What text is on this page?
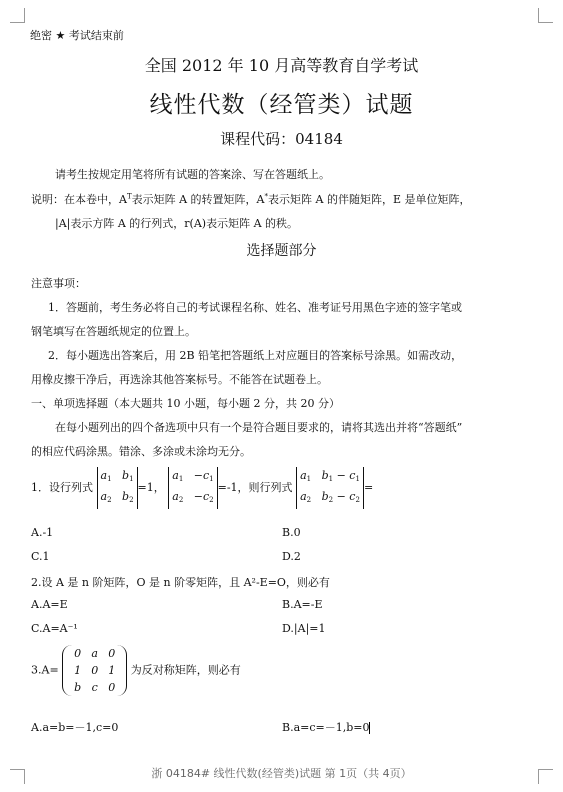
绝密 ★ 考试结束前
全国 2012 年 10 月高等教育自学考试
线性代数（经管类）试题
课程代码：04184
请考生按规定用笔将所有试题的答案涂、写在答题纸上。
说明：在本卷中，$A^T$表示矩阵 A 的转置矩阵，A*表示矩阵 A 的伴随矩阵，E 是单位矩阵，
|A|表示方阵 A 的行列式，r(A)表示矩阵 A 的秩。
选择题部分
注意事项：
1．答题前，考生务必将自己的考试课程名称、姓名、准考证号用黑色字迹的签字笔或
钢笔填写在答题纸规定的位置上。
2．每小题选出答案后，用 2B 铅笔把答题纸上对应题目的答案标号涂黑。如需改动，
用橡皮擦干净后，再选涂其他答案标号。不能答在试题卷上。
一、单项选择题（本大题共 10 小题，每小题 2 分，共 20 分）
在每小题列出的四个备选项中只有一个是符合题目要求的，请将其选出并将“答题纸”
的相应代码涂黑。错涂、多涂或未涂均无分。
1．设行列式
$a_1$   $b_1$
$a_2$   $b_2$
=1，
$a_1 -c_1$
$a_2 -c_2$
=-1，则行列式
$a_1$   $b_1 - c_1$
$a_2$   $b_2 - c_2$
=
A.-1	B.0
C.1	D.2
2.设 A 是 n 阶矩阵，O 是 n 阶零矩阵，且 A²-E=O，则必有
A.A=E	B.A=-E
C.A=A⁻¹	D.|A|=1
3.A=
0	a	0
1	0	1
b	c	0
为反对称矩阵，则必有
A.a=b=－1,c=0	B.a=c=－1,b=0
浙 04184# 线性代数(经管类)试题 第 1页（共 4页）
